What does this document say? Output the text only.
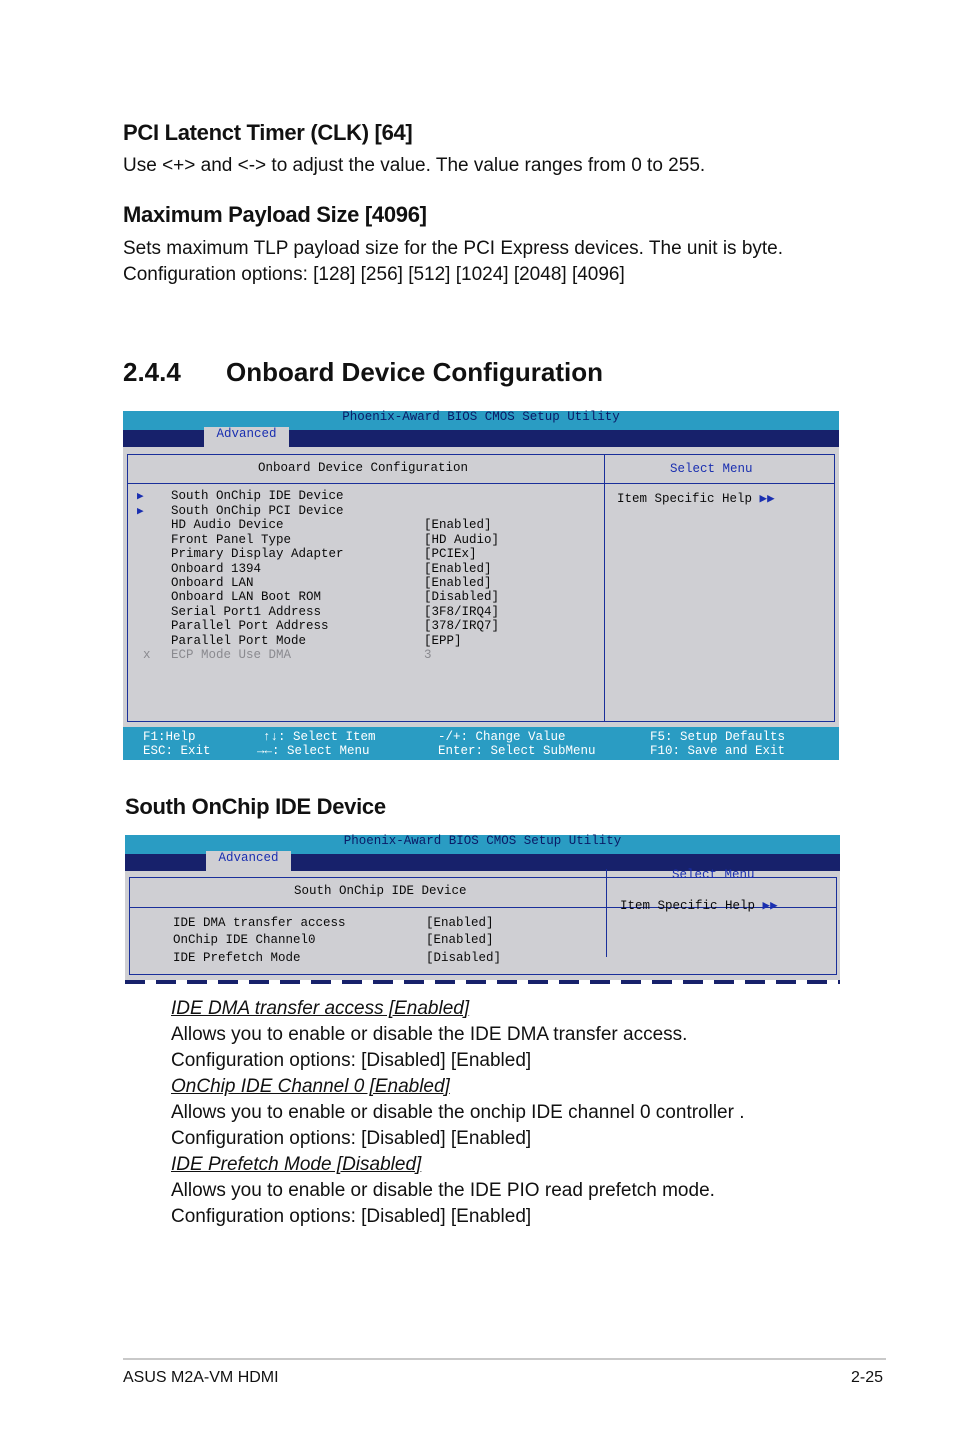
PCI Latenct Timer (CLK) [64]
Use <+> and <-> to adjust the value. The value ranges from 0 to 255.
Maximum Payload Size [4096]
Sets maximum TLP payload size for the PCI Express devices. The unit is byte.
Configuration options: [128] [256] [512] [1024] [2048] [4096]
2.4.4 Onboard Device Configuration
Phoenix-Award BIOS CMOS Setup Utility
Advanced
Onboard Device Configuration	Select Menu
Item Specific Help ▶▶
▶ South OnChip IDE Device
▶ South OnChip PCI Device
HD Audio Device	[Enabled]
Front Panel Type	[HD Audio]
Primary Display Adapter	[PCIEx]
Onboard 1394	[Enabled]
Onboard LAN	[Enabled]
Onboard LAN Boot ROM	[Disabled]
Serial Port1 Address	[3F8/IRQ4]
Parallel Port Address	[378/IRQ7]
Parallel Port Mode	[EPP]
x ECP Mode Use DMA	3
F1:Help
ESC: Exit
↑↓: Select Item
→←: Select Menu
-/+: Change Value
Enter: Select SubMenu
F5: Setup Defaults
F10: Save and Exit
South OnChip IDE Device
Phoenix-Award BIOS CMOS Setup Utility
Advanced
South OnChip IDE Device
Select Menu
Item Specific Help ▶▶
IDE DMA transfer access	[Enabled]
OnChip IDE Channel0	[Enabled]
IDE Prefetch Mode	[Disabled]
IDE DMA transfer access [Enabled]
Allows you to enable or disable the IDE DMA transfer access.
Configuration options: [Disabled] [Enabled]
OnChip IDE Channel 0 [Enabled]
Allows you to enable or disable the onchip IDE channel 0 controller .
Configuration options: [Disabled] [Enabled]
IDE Prefetch Mode [Disabled]
Allows you to enable or disable the IDE PIO read prefetch mode.
Configuration options: [Disabled] [Enabled]
ASUS M2A-VM HDMI	2-25
